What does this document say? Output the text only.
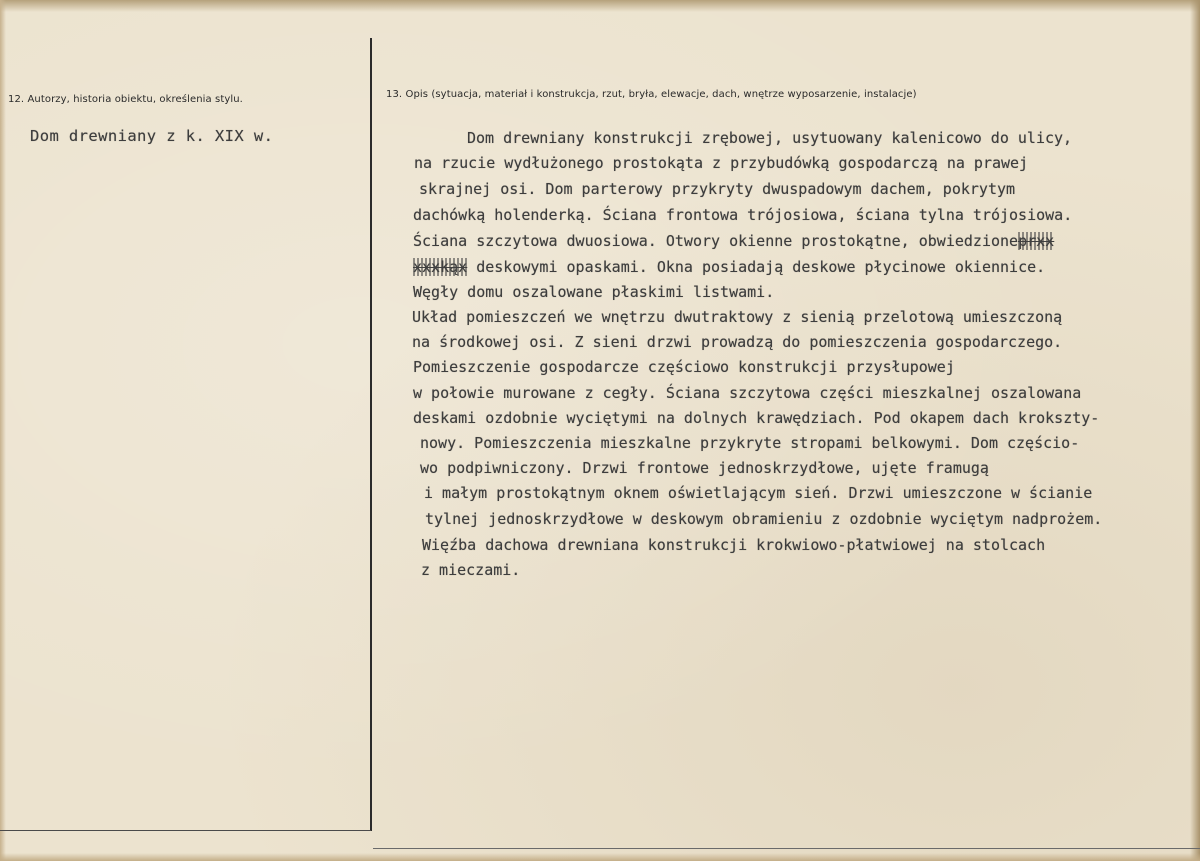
12. Autorzy, historia obiektu, określenia stylu.
Dom drewniany z k. XIX w.
13. Opis (sytuacja, materiał i konstrukcja, rzut, bryła, elewacje, dach, wnętrze wyposarzenie, instalacje)
Dom drewniany konstrukcji zrębowej, usytuowany kalenicowo do ulicy,
na rzucie wydłużonego prostokąta z przybudówką gospodarczą na prawej
skrajnej osi. Dom parterowy przykryty dwuspadowym dachem, pokrytym
dachówką holenderką. Ściana frontowa trójosiowa, ściana tylna trójosiowa.
Ściana szczytowa dwuosiowa. Otwory okienne prostokątne, obwiedzioneprxx
xxxkąx deskowymi opaskami. Okna posiadają deskowe płycinowe okiennice.
Węgły domu oszalowane płaskimi listwami.
Układ pomieszczeń we wnętrzu dwutraktowy z sienią przelotową umieszczoną
na środkowej osi. Z sieni drzwi prowadzą do pomieszczenia gospodarczego.
Pomieszczenie gospodarcze częściowo konstrukcji przysłupowej
w połowie murowane z cegły. Ściana szczytowa części mieszkalnej oszalowana
deskami ozdobnie wyciętymi na dolnych krawędziach. Pod okapem dach krokszty-
nowy. Pomieszczenia mieszkalne przykryte stropami belkowymi. Dom częścio-
wo podpiwniczony. Drzwi frontowe jednoskrzydłowe, ujęte framugą
i małym prostokątnym oknem oświetlającym sień. Drzwi umieszczone w ścianie
tylnej jednoskrzydłowe w deskowym obramieniu z ozdobnie wyciętym nadprożem.
Więźba dachowa drewniana konstrukcji krokwiowo-płatwiowej na stolcach
z mieczami.
